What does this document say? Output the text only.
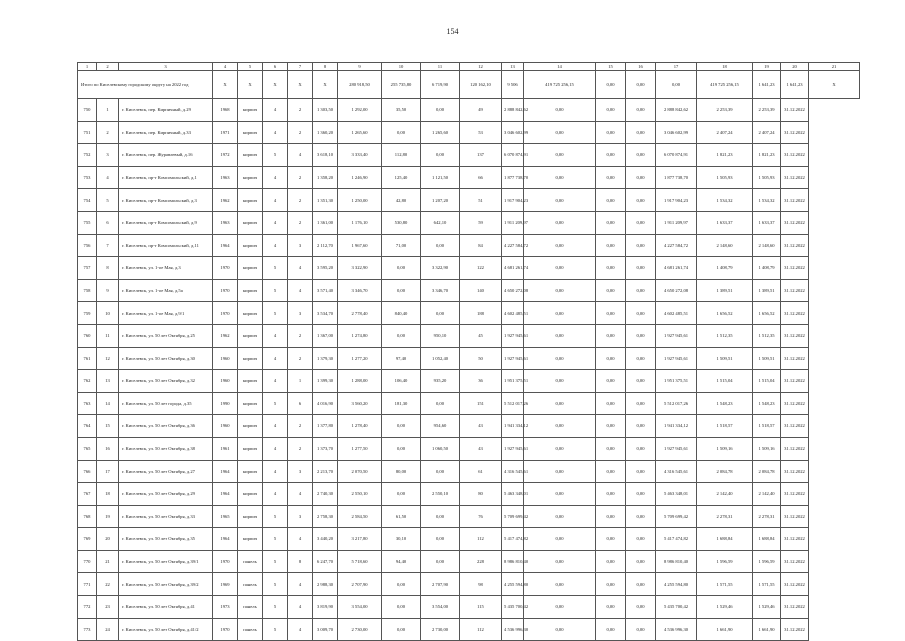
154
1	2	3	4	5	6	7	8	9	10	11	12	13	14	15	16	17	18	19	20	21
Итого по Киселевскому городскому округу на 2022 год			X	X	X	X	X	280 918,50	255 735,80	6 719,90	120 162,10	9 506	419 725 256,15	0,00	0,00	0,00	419 725 256,15	1 641,23	1 641,23	X
750	1	г. Киселевск, пер. Кирпичный, д.29	1968	кирпич	4	2	1 303,50	1 292,00	35,50	0,00	49	2 888 842,62	0,00	0,00	0,00	2 888 842,62	2 253,39	2 253,39	31.12.2022	
751	2	г. Киселевск, пер. Кирпичный, д.33	1971	кирпич	4	2	1 360,20	1 265,60	0,00	1 265,60	53	3 046 602,99	0,00	0,00	0,00	3 046 602,99	2 407,24	2 407,24	31.12.2022	
752	3	г. Киселевск, пер. Журавлевый, д.16	1972	кирпич	5	4	3 618,10	3 333,40	112,80	0,00	137	6 070 874,91	0,00	0,00	0,00	6 070 874,91	1 821,23	1 821,23	31.12.2022	
753	4	г. Киселевск, пр-т Комсомольский, д.1	1963	кирпич	4	2	1 358,20	1 246,90	125,40	1 121,50	66	1 877 738,70	0,00	0,00	0,00	1 877 738,70	1 505,93	1 505,93	31.12.2022	
754	5	г. Киселевск, пр-т Комсомольский, д.3	1962	кирпич	4	2	1 351,30	1 250,00	42,80	1 207,20	51	1 917 904,23	0,00	0,00	0,00	1 917 904,23	1 534,32	1 534,32	31.12.2022	
755	6	г. Киселевск, пр-т Комсомольский, д.9	1963	кирпич	4	2	1 361,00	1 176,10	530,80	642,10	59	1 911 209,97	0,00	0,00	0,00	1 911 209,97	1 633,37	1 633,37	31.12.2022	
756	7	г. Киселевск, пр-т Комсомольский, д.11	1964	кирпич	4	3	2 112,70	1 967,60	71,00	0,00	84	4 227 584,72	0,00	0,00	0,00	4 227 584,72	2 148,60	2 148,60	31.12.2022	
757	8	г. Киселевск, ул. 1-ое Мая, д.3	1970	кирпич	5	4	3 595,20	3 322,90	0,00	3 322,90	122	4 681 261,74	0,00	0,00	0,00	4 681 261,74	1 408,79	1 408,79	31.12.2022	
758	9	г. Киселевск, ул. 1-ое Мая, д.5а	1970	кирпич	5	4	3 571,40	3 346,70	0,00	3 346,70	140	4 650 272,08	0,00	0,00	0,00	4 650 272,08	1 389,51	1 389,51	31.12.2022	
759	10	г. Киселевск, ул. 1-ое Мая, д.9/1	1970	кирпич	5	3	3 534,70	2 778,40	840,40	0,00	188	4 602 485,51	0,00	0,00	0,00	4 602 485,51	1 656,52	1 656,52	31.12.2022	
760	11	г. Киселевск, ул. 50 лет Октября, д.25	1962	кирпич	4	2	1 367,00	1 274,80	0,00	950,10	45	1 927 945,61	0,00	0,00	0,00	1 927 945,61	1 512,35	1 512,35	31.12.2022	
761	12	г. Киселевск, ул. 50 лет Октября, д.30	1960	кирпич	4	2	1 379,30	1 277,20	97,40	1 052,40	50	1 927 945,61	0,00	0,00	0,00	1 927 945,61	1 509,51	1 509,51	31.12.2022	
762	13	г. Киселевск, ул. 50 лет Октября, д.32	1960	кирпич	4	1	1 399,30	1 288,00	106,40	935,20	36	1 951 375,51	0,00	0,00	0,00	1 951 375,51	1 515,04	1 515,04	31.12.2022	
763	14	г. Киселевск, ул. 50 лет города, д.35	1990	кирпич	5	6	4 016,90	3 560,20	181,30	0,00	151	5 512 017,26	0,00	0,00	0,00	5 512 017,26	1 548,23	1 548,23	31.12.2022	
764	15	г. Киселевск, ул. 50 лет Октября, д.36	1960	кирпич	4	2	1 377,80	1 278,40	0,00	954,60	43	1 941 334,12	0,00	0,00	0,00	1 941 334,12	1 518,57	1 518,57	31.12.2022	
765	16	г. Киселевск, ул. 50 лет Октября, д.38	1961	кирпич	4	2	1 373,70	1 277,50	0,00	1 060,50	43	1 927 945,61	0,00	0,00	0,00	1 927 945,61	1 509,16	1 509,16	31.12.2022	
766	17	г. Киселевск, ул. 50 лет Октября, д.27	1964	кирпич	4	3	2 213,70	2 070,50	80,00	0,00	61	4 316 545,61	0,00	0,00	0,00	4 316 545,61	2 084,78	2 084,78	31.12.2022	
767	18	г. Киселевск, ул. 50 лет Октября, д.29	1964	кирпич	4	4	2 740,30	2 550,10	0,00	2 550,10	80	5 463 348,01	0,00	0,00	0,00	5 463 348,01	2 142,40	2 142,40	31.12.2022	
768	19	г. Киселевск, ул. 50 лет Октября, д.33	1965	кирпич	5	3	2 758,30	2 584,50	61,50	0,00	76	5 709 699,42	0,00	0,00	0,00	5 709 699,42	2 278,31	2 278,31	31.12.2022	
769	20	г. Киселевск, ул. 50 лет Октября, д.35	1964	кирпич	5	4	3 440,20	3 217,80	30,10	0,00	112	5 417 474,82	0,00	0,00	0,00	5 417 474,82	1 688,84	1 688,84	31.12.2022	
770	21	г. Киселевск, ул. 50 лет Октября, д.39/1	1970	панель	5	8	6 247,70	5 718,60	94,40	0,00	228	8 986 810,40	0,00	0,00	0,00	8 986 810,40	1 596,59	1 596,59	31.12.2022	
771	22	г. Киселевск, ул. 50 лет Октября, д.39/2	1969	панель	5	4	2 988,30	2 707,90	0,00	2 707,90	98	4 255 594,80	0,00	0,00	0,00	4 255 594,80	1 571,55	1 571,55	31.12.2022	
772	23	г. Киселевск, ул. 50 лет Октября, д.41	1973	панель	5	4	3 819,90	3 554,00	0,00	3 554,00	115	5 435 700,42	0,00	0,00	0,00	5 435 700,42	1 529,46	1 529,46	31.12.2022	
773	24	г. Киселевск, ул. 50 лет Октября, д.41/2	1970	панель	5	4	3 009,70	2 730,00	0,00	2 730,00	112	4 536 996,30	0,00	0,00	0,00	4 536 996,30	1 661,90	1 661,90	31.12.2022	
